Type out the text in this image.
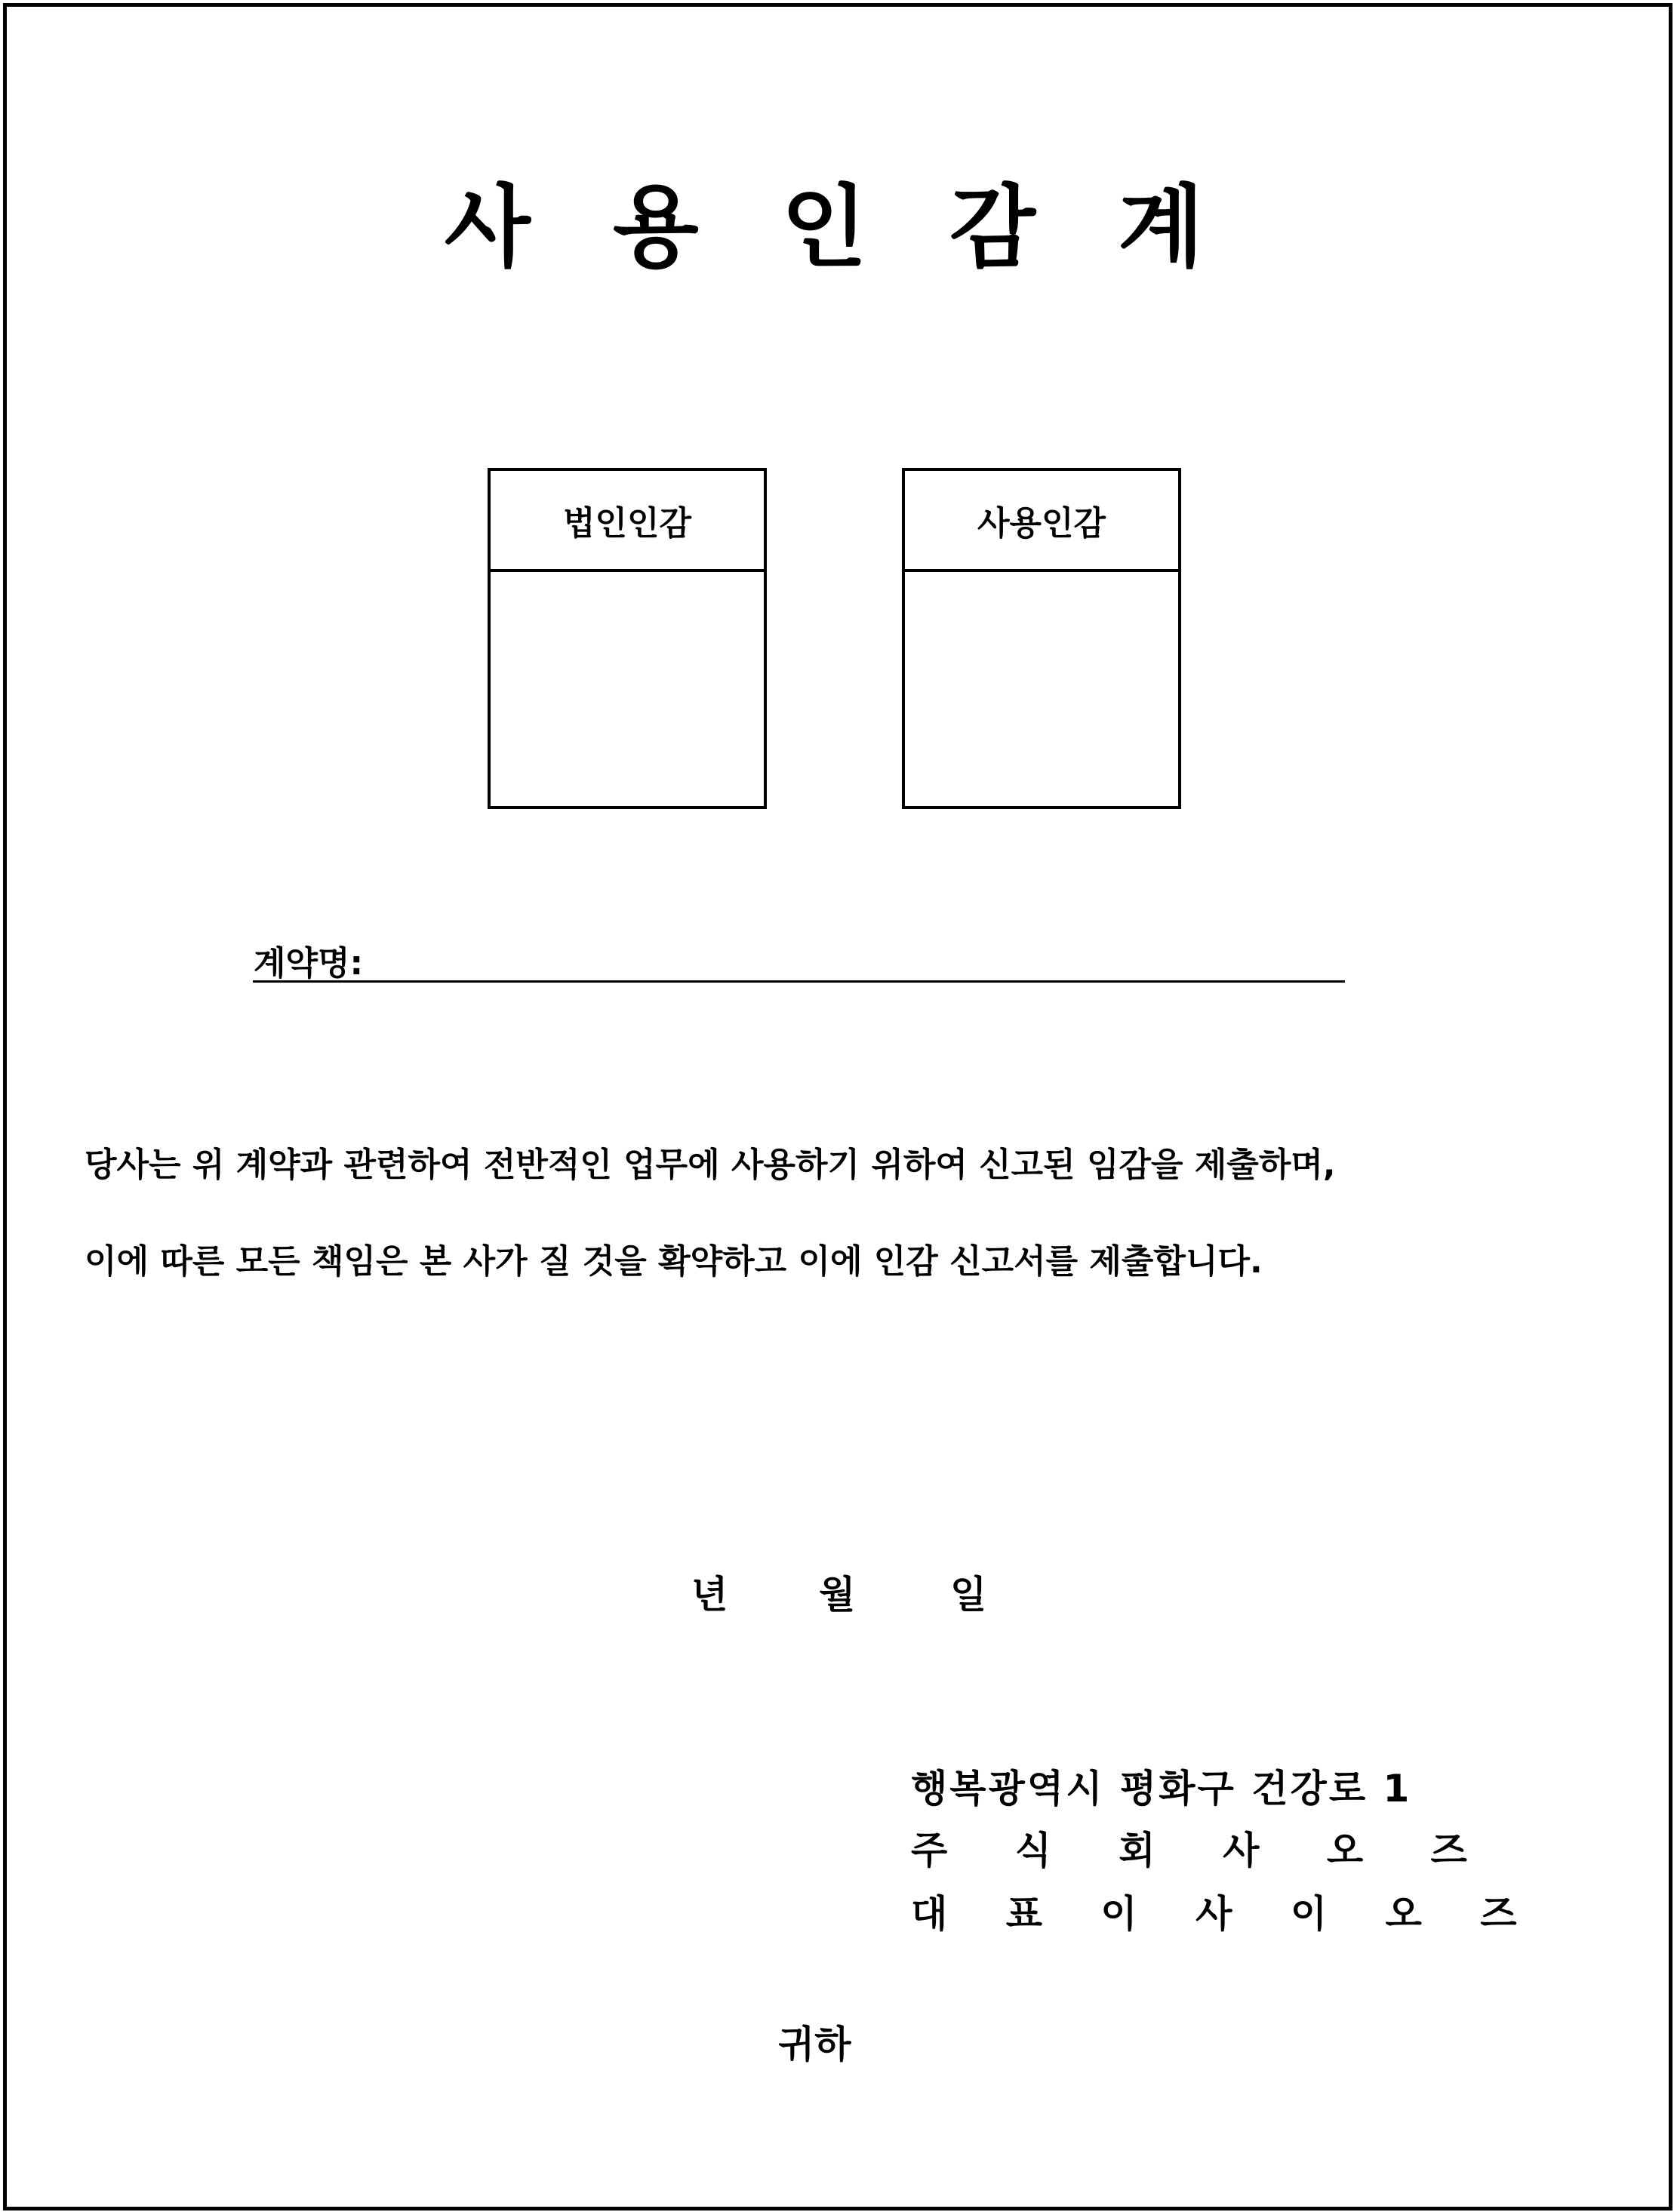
사 용 인 감 계
법인인감	사용인감
계약명:
당사는 위 계약과 관련하여 전반적인 업무에 사용하기 위하여 신고된 임감을 제출하며,
이에 따른 모든 책임은 본 사가 질 것을 확약하고 이에 인감 신고서를 제출합니다.
년 월	일
행복광역시 평화구 건강로 1
주 식 회 사 오 즈
대 표 이 사 이 오 즈
귀하
